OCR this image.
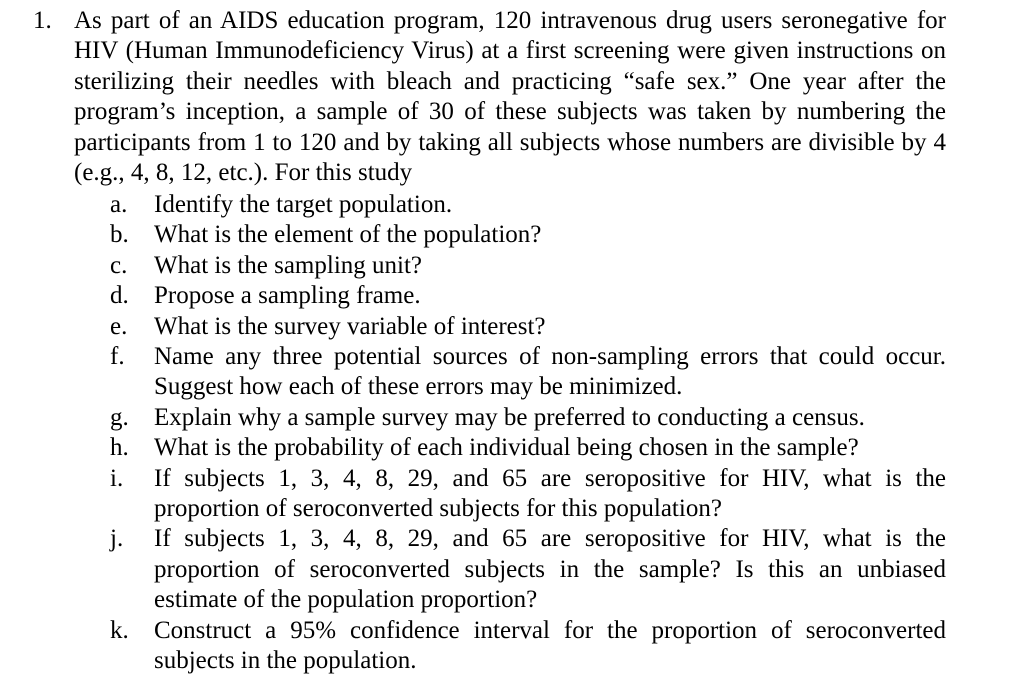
1. As part of an AIDS education program, 120 intravenous drug users seronegative for HIV (Human Immunodeficiency Virus) at a first screening were given instructions on sterilizing their needles with bleach and practicing “safe sex.” One year after the program’s inception, a sample of 30 of these subjects was taken by numbering the participants from 1 to 120 and by taking all subjects whose numbers are divisible by 4 (e.g., 4, 8, 12, etc.). For this study
a.	Identify the target population.
b.	What is the element of the population?
c.	What is the sampling unit?
d.	Propose a sampling frame.
e.	What is the survey variable of interest?
f.	Name any three potential sources of non-sampling errors that could occur. Suggest how each of these errors may be minimized.
g.	Explain why a sample survey may be preferred to conducting a census.
h.	What is the probability of each individual being chosen in the sample?
i.	If subjects 1, 3, 4, 8, 29, and 65 are seropositive for HIV, what is the proportion of seroconverted subjects for this population?
j.	If subjects 1, 3, 4, 8, 29, and 65 are seropositive for HIV, what is the proportion of seroconverted subjects in the sample? Is this an unbiased estimate of the population proportion?
k.	Construct a 95% confidence interval for the proportion of seroconverted subjects in the population.
